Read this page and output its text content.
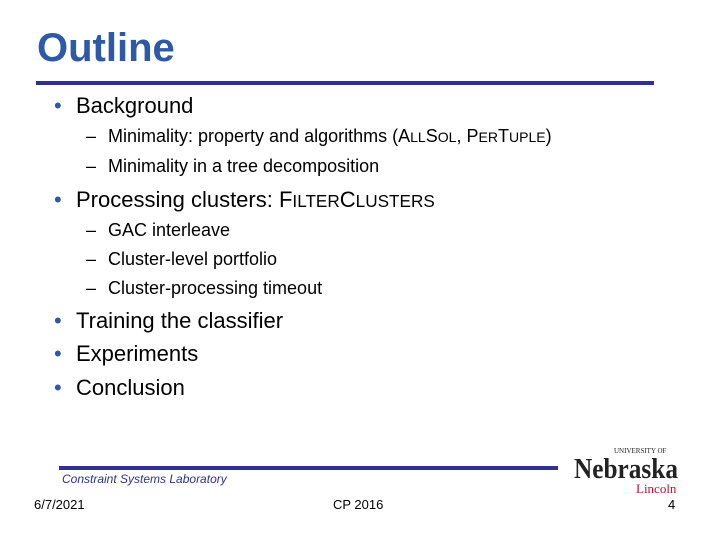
Outline
• Background
– Minimality: property and algorithms (ALLSOL, PERTUPLE)
– Minimality in a tree decomposition
• Processing clusters: FILTERCLUSTERS
– GAC interleave
– Cluster-level portfolio
– Cluster-processing timeout
• Training the classifier
• Experiments
• Conclusion
Constraint Systems Laboratory
6/7/2021	CP 2016	4
UNIVERSITY OF
Nebraska
Lincoln
